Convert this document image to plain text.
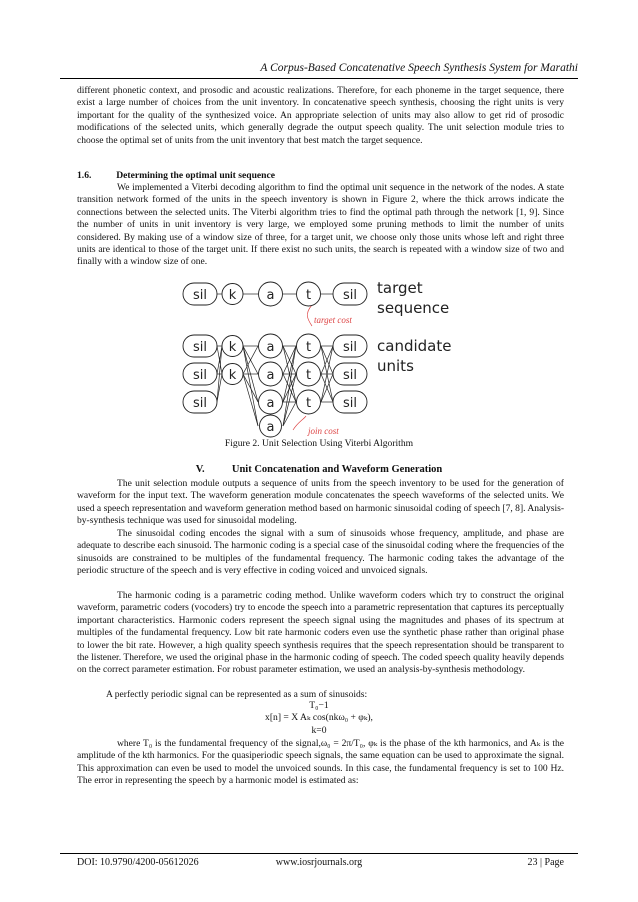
A Corpus-Based Concatenative Speech Synthesis System for Marathi
different phonetic context, and prosodic and acoustic realizations. Therefore, for each phoneme in the target sequence, there exist a large number of choices from the unit inventory. In concatenative speech synthesis, choosing the right units is very important for the quality of the synthesized voice. An appropriate selection of units may also allow to get rid of prosodic modifications of the selected units, which generally degrade the output speech quality. The unit selection module tries to choose the optimal set of units from the unit inventory that best match the target sequence.
1.6.	Determining the optimal unit sequence
We implemented a Viterbi decoding algorithm to find the optimal unit sequence in the network of the nodes. A state transition network formed of the units in the speech inventory is shown in Figure 2, where the thick arrows indicate the connections between the selected units. The Viterbi algorithm tries to find the optimal path through the network [1, 9]. Since the number of units in unit inventory is very large, we employed some pruning methods to limit the number of units considered. By making use of a window size of three, for a target unit, we choose only those units whose left and right three units are identical to those of the target unit. If there exist no such units, the search is repeated with a window size of two and finally with a window size of one.
sil k a t sil
target cost
sil
sil
sil
k
k
a
a
a
a
t
t
t
sil
sil
sil
join cost
target
sequence
candidate
units
Figure 2. Unit Selection Using Viterbi Algorithm
V.	Unit Concatenation and Waveform Generation
The unit selection module outputs a sequence of units from the speech inventory to be used for the generation of waveform for the input text. The waveform generation module concatenates the speech waveforms of the selected units. We used a speech representation and waveform generation method based on harmonic sinusoidal coding of speech [7, 8]. Analysis-by-synthesis technique was used for sinusoidal modeling.
The sinusoidal coding encodes the signal with a sum of sinusoids whose frequency, amplitude, and phase are adequate to describe each sinusoid. The harmonic coding is a special case of the sinusoidal coding where the frequencies of the sinusoids are constrained to be multiples of the fundamental frequency. The harmonic coding takes the advantage of the periodic structure of the speech and is very effective in coding voiced and unvoiced signals.
The harmonic coding is a parametric coding method. Unlike waveform coders which try to construct the original waveform, parametric coders (vocoders) try to encode the speech into a parametric representation that captures its perceptually important characteristics. Harmonic coders represent the speech signal using the magnitudes and phases of its spectrum at multiples of the fundamental frequency. Low bit rate harmonic coders even use the synthetic phase rather than original phase to lower the bit rate. However, a high quality speech synthesis requires that the speech representation should be transparent to the listener. Therefore, we used the original phase in the harmonic coding of speech. The coded speech quality heavily depends on the correct parameter estimation. For robust parameter estimation, we used an analysis-by-synthesis methodology.
A perfectly periodic signal can be represented as a sum of sinusoids:
T₀−1
x[n] = X Aₖ cos(nkω₀ + φₖ),
k=0
where T₀ is the fundamental frequency of the signal,ω₀ = 2π/T₀, φₖ is the phase of the kth harmonics, and Aₖ is the amplitude of the kth harmonics. For the quasiperiodic speech signals, the same equation can be used to approximate the signal. This approximation can even be used to model the unvoiced sounds. In this case, the fundamental frequency is set to 100 Hz. The error in representing the speech by a harmonic model is estimated as:
DOI: 10.9790/4200-05612026	www.iosrjournals.org	23 | Page
